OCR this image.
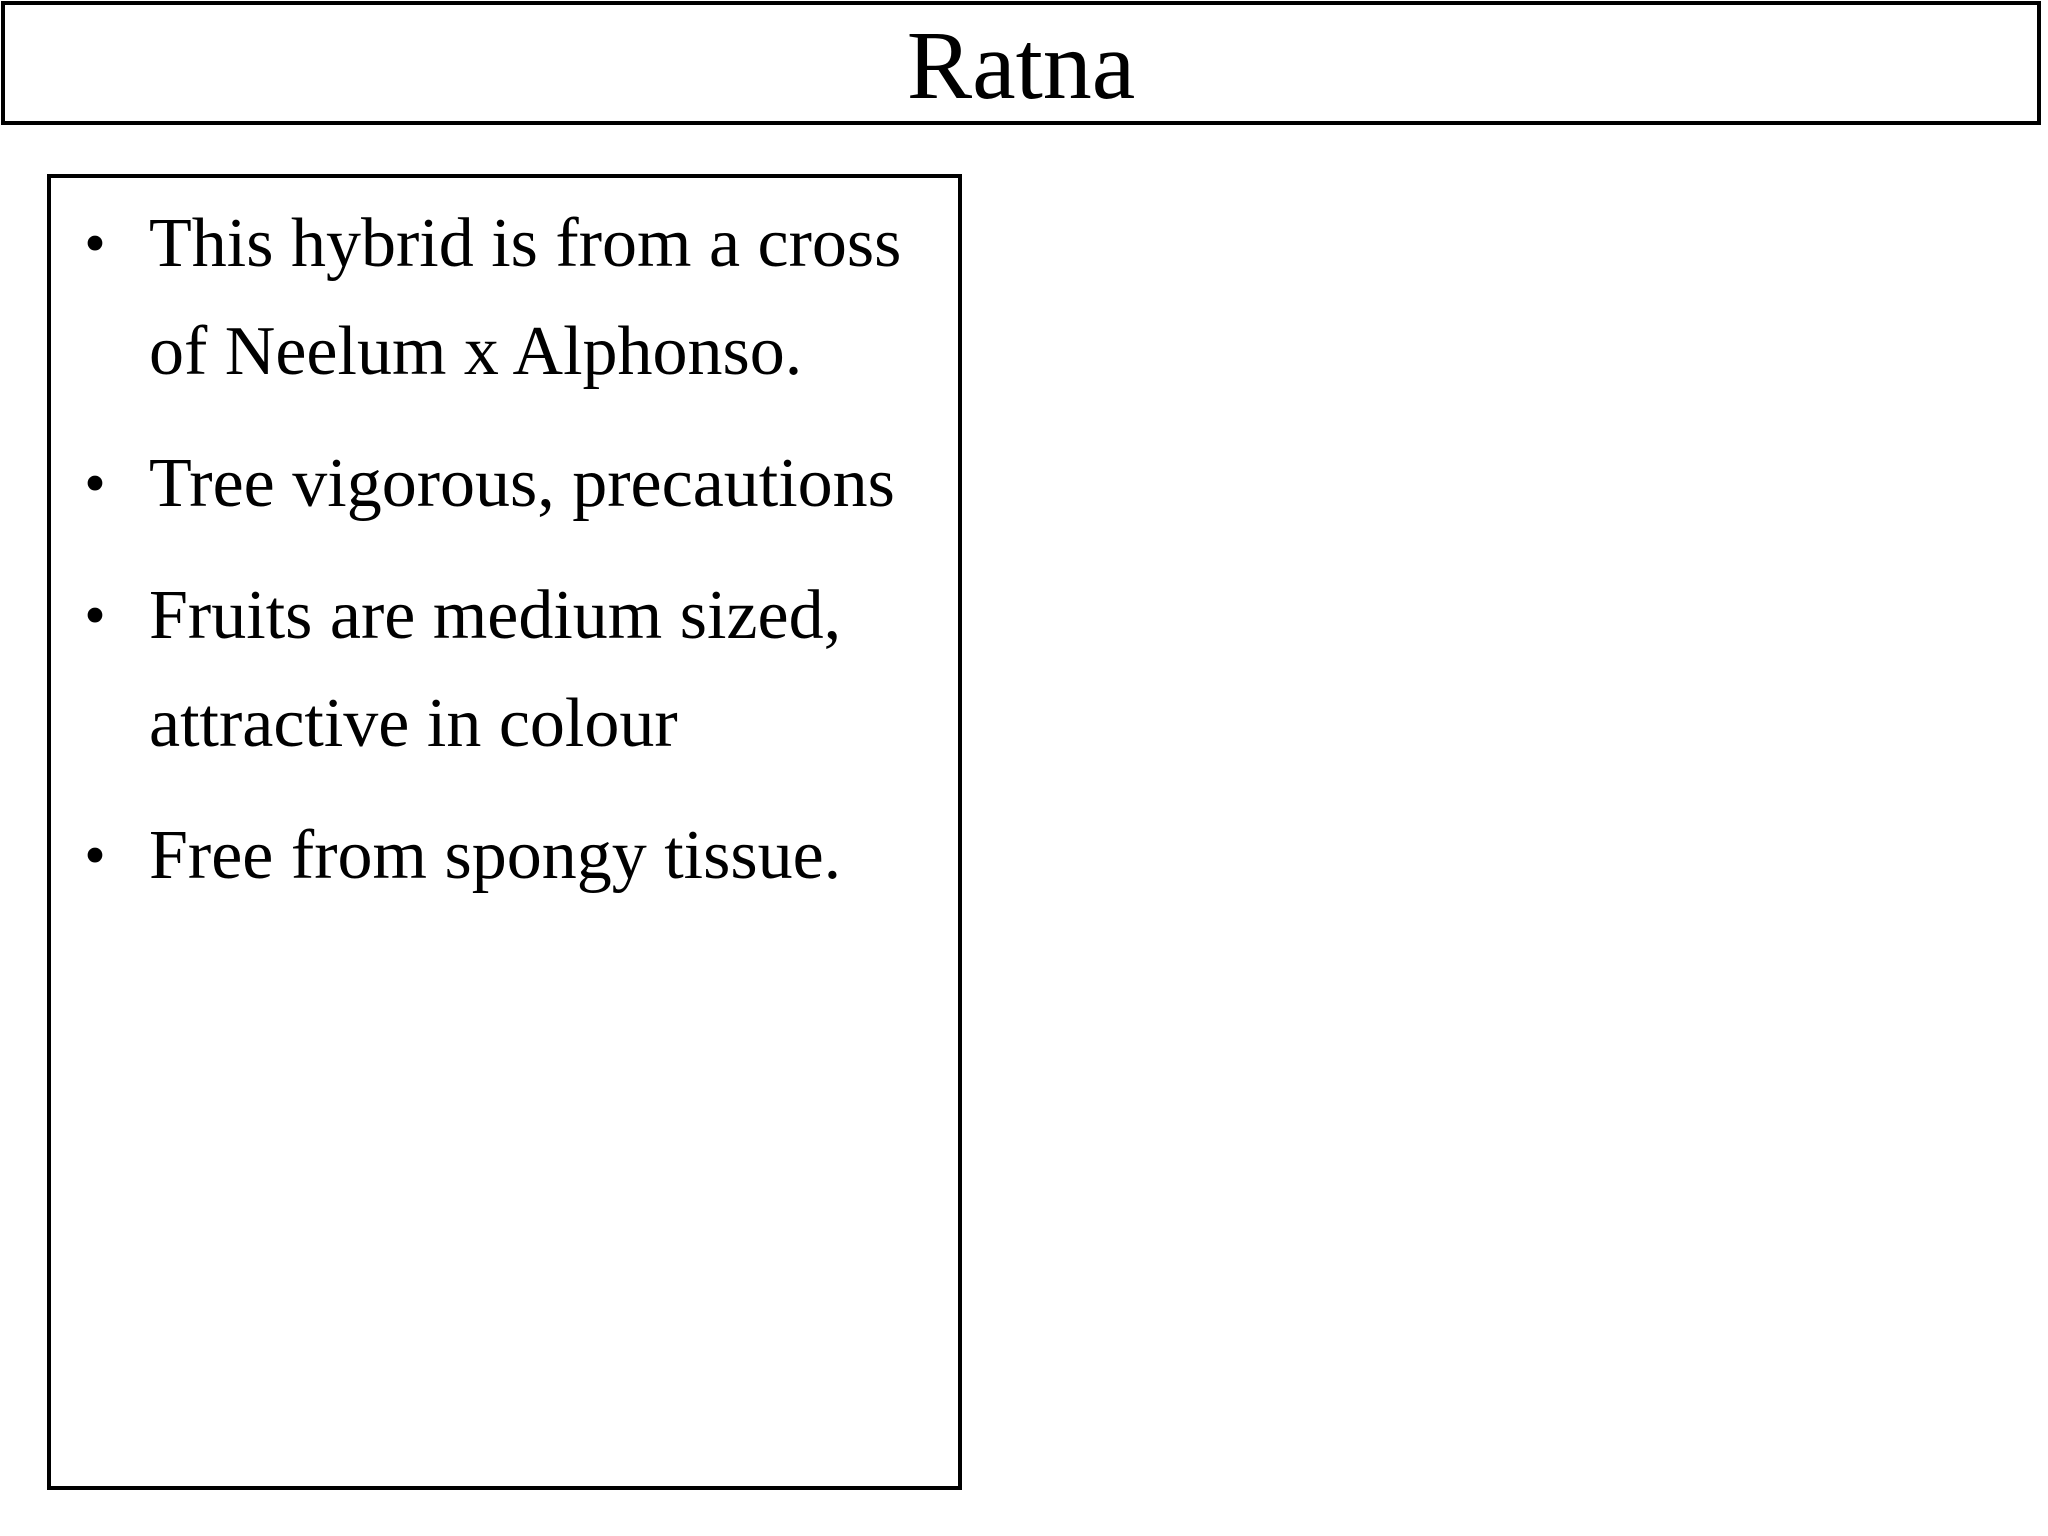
Ratna
• This hybrid is from a cross of Neelum x Alphonso.
• Tree vigorous, precautions
• Fruits are medium sized, attractive in colour
• Free from spongy tissue.
